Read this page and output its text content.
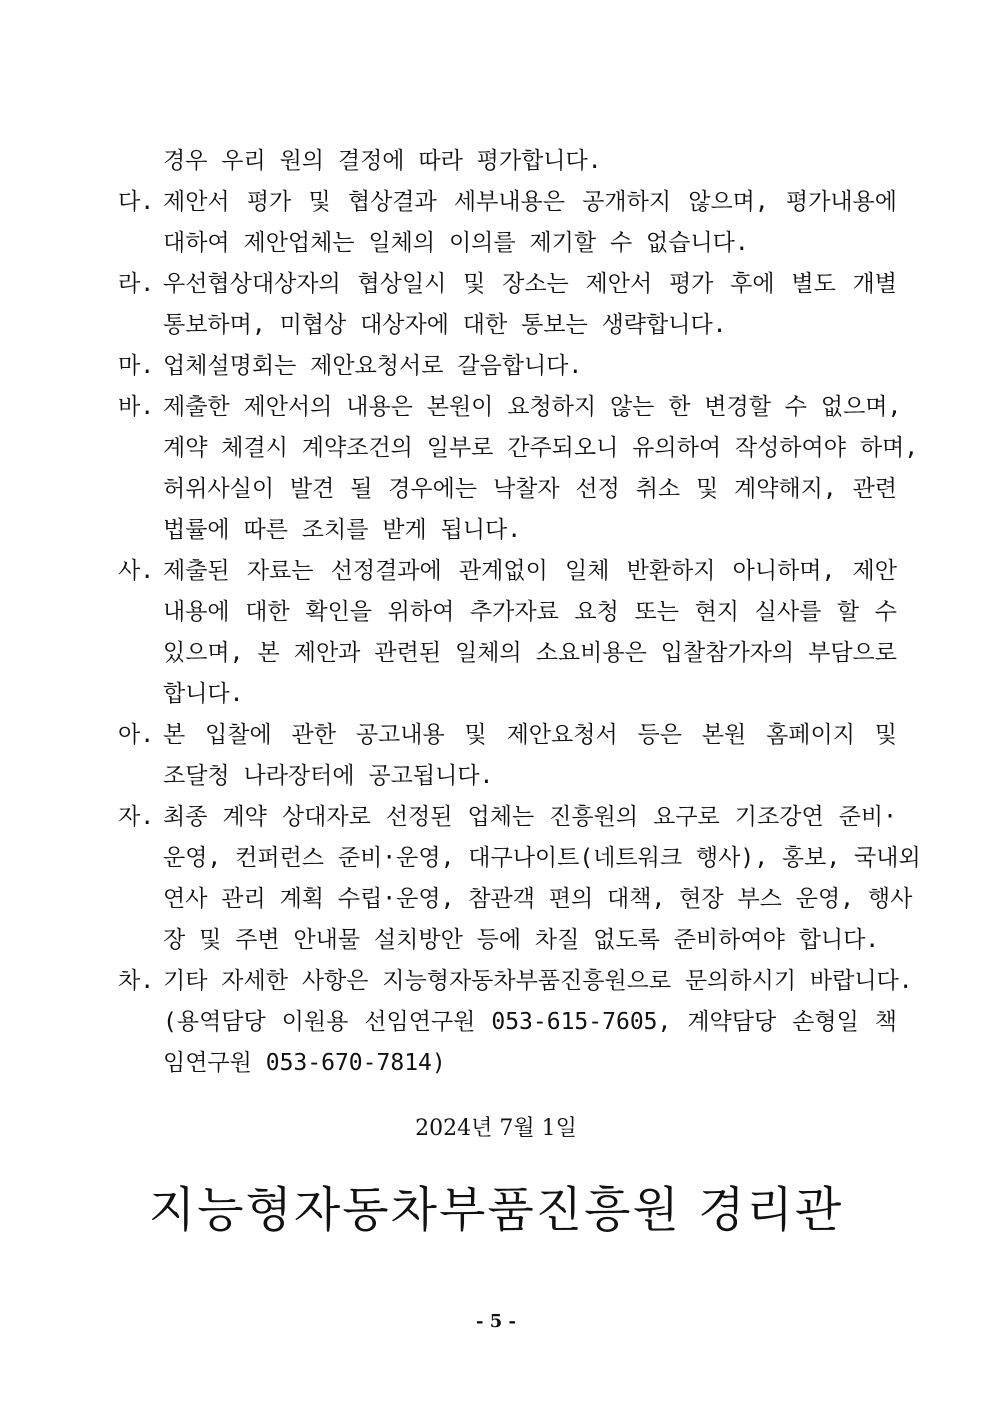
경우 우리 원의 결정에 따라 평가합니다.
다. 제안서 평가 및 협상결과 세부내용은 공개하지 않으며, 평가내용에
대하여 제안업체는 일체의 이의를 제기할 수 없습니다.
라. 우선협상대상자의 협상일시 및 장소는 제안서 평가 후에 별도 개별
통보하며, 미협상 대상자에 대한 통보는 생략합니다.
마. 업체설명회는 제안요청서로 갈음합니다.
바. 제출한 제안서의 내용은 본원이 요청하지 않는 한 변경할 수 없으며,
계약 체결시 계약조건의 일부로 간주되오니 유의하여 작성하여야 하며,
허위사실이 발견 될 경우에는 낙찰자 선정 취소 및 계약해지, 관련
법률에 따른 조치를 받게 됩니다.
사. 제출된 자료는 선정결과에 관계없이 일체 반환하지 아니하며, 제안
내용에 대한 확인을 위하여 추가자료 요청 또는 현지 실사를 할 수
있으며, 본 제안과 관련된 일체의 소요비용은 입찰참가자의 부담으로
합니다.
아. 본 입찰에 관한 공고내용 및 제안요청서 등은 본원 홈페이지 및
조달청 나라장터에 공고됩니다.
자. 최종 계약 상대자로 선정된 업체는 진흥원의 요구로 기조강연 준비·
운영, 컨퍼런스 준비·운영, 대구나이트(네트워크 행사), 홍보, 국내외
연사 관리 계획 수립·운영, 참관객 편의 대책, 현장 부스 운영, 행사
장 및 주변 안내물 설치방안 등에 차질 없도록 준비하여야 합니다.
차. 기타 자세한 사항은 지능형자동차부품진흥원으로 문의하시기 바랍니다.
(용역담당 이원용 선임연구원 053-615-7605, 계약담당 손형일 책
임연구원 053-670-7814)
2024년 7월 1일
지능형자동차부품진흥원 경리관
- 5 -
